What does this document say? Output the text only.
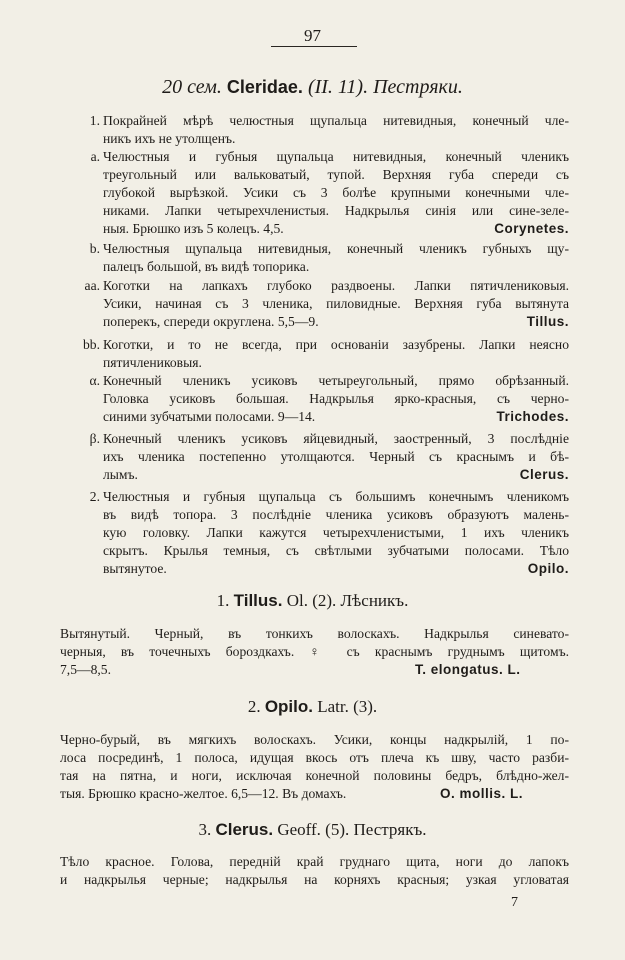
97
20 сем. Cleridae. (II. 11). Пестряки.
1. Покрайней мѣрѣ челюстныя щупальца нитевидныя, конечный чле-
никъ ихъ не утолщенъ.
a. Челюстныя и губныя щупальца нитевидныя, конечный членикъ
треугольный или вальковатый, тупой. Верхняя губа спереди съ
глубокой вырѣзкой. Усики съ 3 болѣе крупными конечными чле-
никами. Лапки четырехчленистыя. Надкрылья синія или сине-зеле-
ныя. Брюшко изъ 5 колецъ. 4,5.	Corynetes.
b. Челюстныя щупальца нитевидныя, конечный членикъ губныхъ щу-
палецъ большой, въ видѣ топорика.
aa. Коготки на лапкахъ глубоко раздвоены. Лапки пятичлениковыя.
Усики, начиная съ 3 членика, пиловидные. Верхняя губа вытянута
поперекъ, спереди округлена. 5,5—9.	Tillus.
bb. Коготки, и то не всегда, при основаніи зазубрены. Лапки неясно
пятичлениковыя.
α. Конечный членикъ усиковъ четыреугольный, прямо обрѣзанный.
Головка усиковъ большая. Надкрылья ярко-красныя, съ черно-
синими зубчатыми полосами. 9—14.	Trichodes.
β. Конечный членикъ усиковъ яйцевидный, заостренный, 3 послѣдніе
ихъ членика постепенно утолщаются. Черный съ краснымъ и бѣ-
лымъ.	Clerus.
2. Челюстныя и губныя щупальца съ большимъ конечнымъ членикомъ
въ видѣ топора. 3 послѣдніе членика усиковъ образуютъ малень-
кую головку. Лапки кажутся четырехчленистыми, 1 ихъ членикъ
скрытъ. Крылья темныя, съ свѣтлыми зубчатыми полосами. Тѣло
вытянутое.	Opilo.
1. Tillus. Ol. (2). Лѣсникъ.
Вытянутый. Черный, въ тонкихъ волоскахъ. Надкрылья синевато-
черныя, въ точечныхъ бороздкахъ. ♀ съ краснымъ груднымъ щитомъ.
7,5—8,5.	T. elongatus. L.
2. Opilo. Latr. (3).
Черно-бурый, въ мягкихъ волоскахъ. Усики, концы надкрылій, 1 по-
лоса посрединѣ, 1 полоса, идущая вкось отъ плеча къ шву, часто разби-
тая на пятна, и ноги, исключая конечной половины бедръ, блѣдно-жел-
тыя. Брюшко красно-желтое. 6,5—12. Въ домахъ.	O. mollis. L.
3. Clerus. Geoff. (5). Пестрякъ.
Тѣло красное. Голова, передній край груднаго щита, ноги до лапокъ
и надкрылья черные; надкрылья на корняхъ красныя; узкая угловатая
7
